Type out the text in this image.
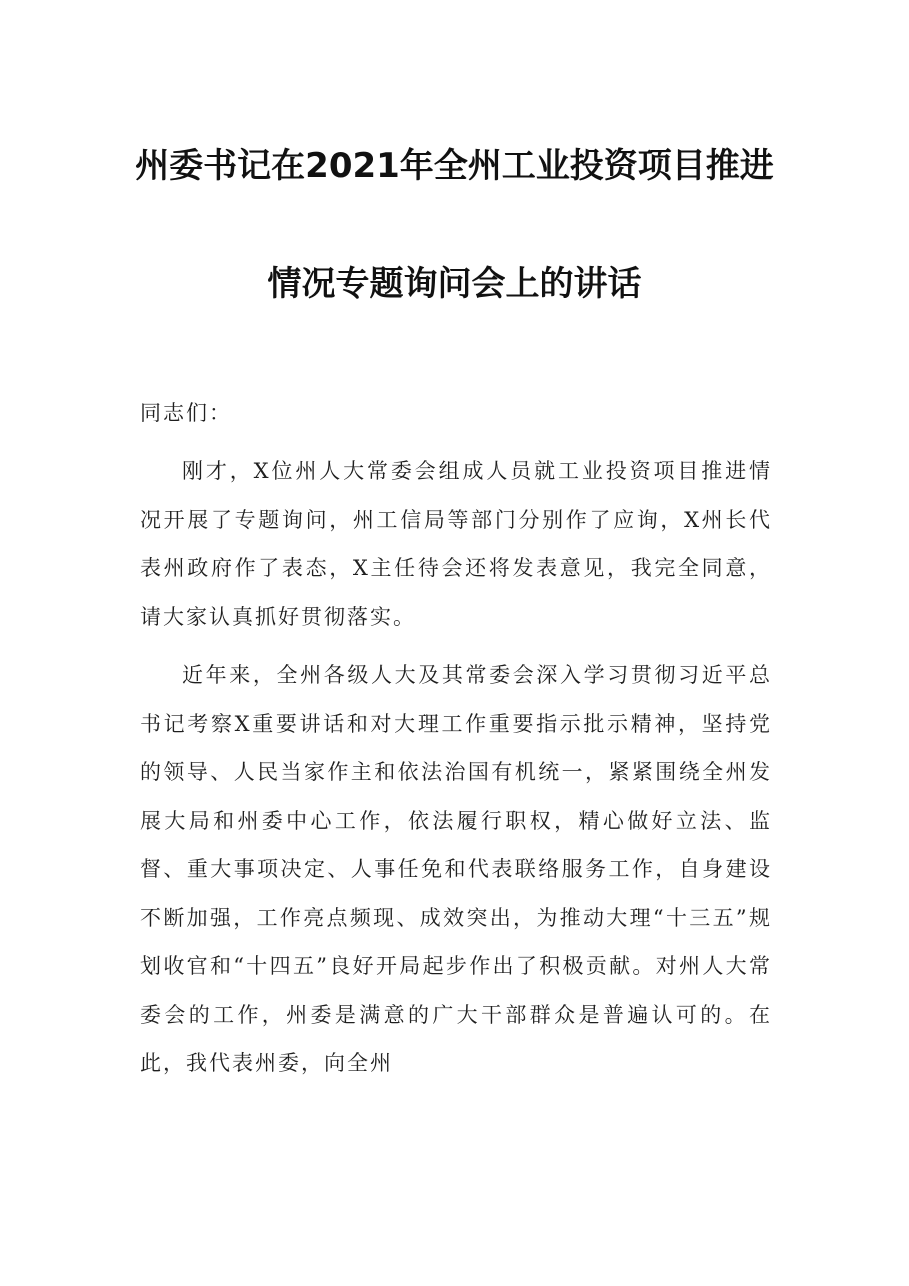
州委书记在2021年全州工业投资项目推进
情况专题询问会上的讲话
同志们：

刚才，X位州人大常委会组成人员就工业投资项目推进情况开展了专题询问，州工信局等部门分别作了应询，X州长代表州政府作了表态，X主任待会还将发表意见，我完全同意，请大家认真抓好贯彻落实。

近年来，全州各级人大及其常委会深入学习贯彻习近平总书记考察X重要讲话和对大理工作重要指示批示精神，坚持党的领导、人民当家作主和依法治国有机统一，紧紧围绕全州发展大局和州委中心工作，依法履行职权，精心做好立法、监督、重大事项决定、人事任免和代表联络服务工作，自身建设不断加强，工作亮点频现、成效突出，为推动大理“十三五”规划收官和“十四五”良好开局起步作出了积极贡献。对州人大常委会的工作，州委是满意的广大干部群众是普遍认可的。在此，我代表州委，向全州
